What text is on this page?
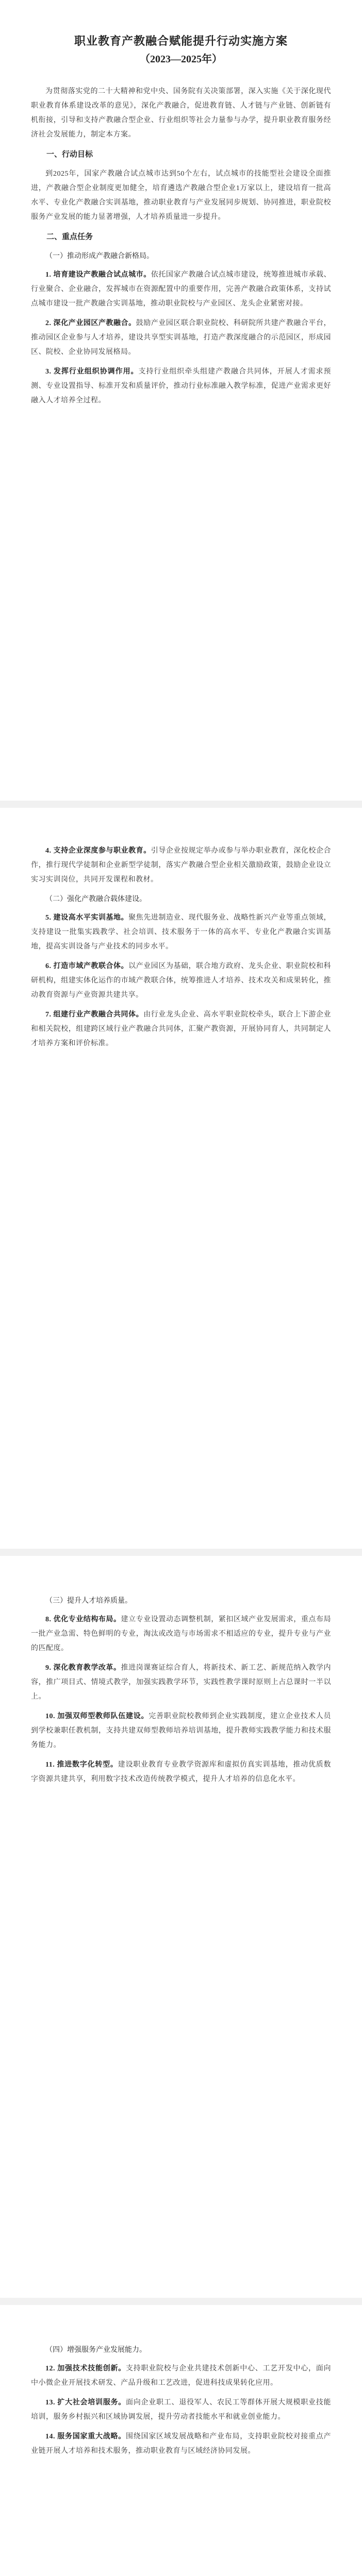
职业教育产教融合赋能提升行动实施方案
（2023—2025年）

为贯彻落实党的二十大精神和党中央、国务院有关决策部署，深入实施《关于深化现代职业教育体系建设改革的意见》，深化产教融合，促进教育链、人才链与产业链、创新链有机衔接，引导和支持产教融合型企业、行业组织等社会力量参与办学，提升职业教育服务经济社会发展能力，制定本方案。

一、行动目标

到2025年，国家产教融合试点城市达到50个左右，试点城市的技能型社会建设全面推进，产教融合型企业制度更加健全，培育遴选产教融合型企业1万家以上，建设培育一批高水平、专业化产教融合实训基地，推动职业教育与产业发展同步规划、协同推进，职业院校服务产业发展的能力显著增强，人才培养质量进一步提升。

二、重点任务
（一）推动形成产教融合新格局。

1. 培育建设产教融合试点城市。依托国家产教融合试点城市建设，统筹推进城市承载、行业聚合、企业融合，发挥城市在资源配置中的重要作用，完善产教融合政策体系，支持试点城市建设一批产教融合实训基地，推动职业院校与产业园区、龙头企业紧密对接。

2. 深化产业园区产教融合。鼓励产业园区联合职业院校、科研院所共建产教融合平台，推动园区企业参与人才培养，建设共享型实训基地，打造产教深度融合的示范园区，形成园区、院校、企业协同发展格局。

3. 发挥行业组织协调作用。支持行业组织牵头组建产教融合共同体，开展人才需求预测、专业设置指导、标准开发和质量评价，推动行业标准融入教学标准，促进产业需求更好融入人才培养全过程。

4. 支持企业深度参与职业教育。引导企业按规定举办或参与举办职业教育，深化校企合作，推行现代学徒制和企业新型学徒制，落实产教融合型企业相关激励政策，鼓励企业设立实习实训岗位，共同开发课程和教材。

（二）强化产教融合载体建设。

5. 建设高水平实训基地。聚焦先进制造业、现代服务业、战略性新兴产业等重点领域，支持建设一批集实践教学、社会培训、技术服务于一体的高水平、专业化产教融合实训基地，提高实训设备与产业技术的同步水平。

6. 打造市域产教联合体。以产业园区为基础，联合地方政府、龙头企业、职业院校和科研机构，组建实体化运作的市域产教联合体，统筹推进人才培养、技术攻关和成果转化，推动教育资源与产业资源共建共享。

7. 组建行业产教融合共同体。由行业龙头企业、高水平职业院校牵头，联合上下游企业和相关院校，组建跨区域行业产教融合共同体，汇聚产教资源，开展协同育人，共同制定人才培养方案和评价标准。

（三）提升人才培养质量。

8. 优化专业结构布局。建立专业设置动态调整机制，紧扣区域产业发展需求，重点布局一批产业急需、特色鲜明的专业，淘汰或改造与市场需求不相适应的专业，提升专业与产业的匹配度。

9. 深化教育教学改革。推进岗课赛证综合育人，将新技术、新工艺、新规范纳入教学内容，推广项目式、情境式教学，加强实践教学环节，实践性教学课时原则上占总课时一半以上。

10. 加强双师型教师队伍建设。完善职业院校教师到企业实践制度，建立企业技术人员到学校兼职任教机制，支持共建双师型教师培养培训基地，提升教师实践教学能力和技术服务能力。

11. 推进数字化转型。建设职业教育专业教学资源库和虚拟仿真实训基地，推动优质数字资源共建共享，利用数字技术改造传统教学模式，提升人才培养的信息化水平。

（四）增强服务产业发展能力。

12. 加强技术技能创新。支持职业院校与企业共建技术创新中心、工艺开发中心，面向中小微企业开展技术研发、产品升级和工艺改进，促进科技成果转化应用。

13. 扩大社会培训服务。面向企业职工、退役军人、农民工等群体开展大规模职业技能培训，服务乡村振兴和区域协调发展，提升劳动者技能水平和就业创业能力。

14. 服务国家重大战略。围绕国家区域发展战略和产业布局，支持职业院校对接重点产业链开展人才培养和技术服务，推动职业教育与区域经济协同发展。
